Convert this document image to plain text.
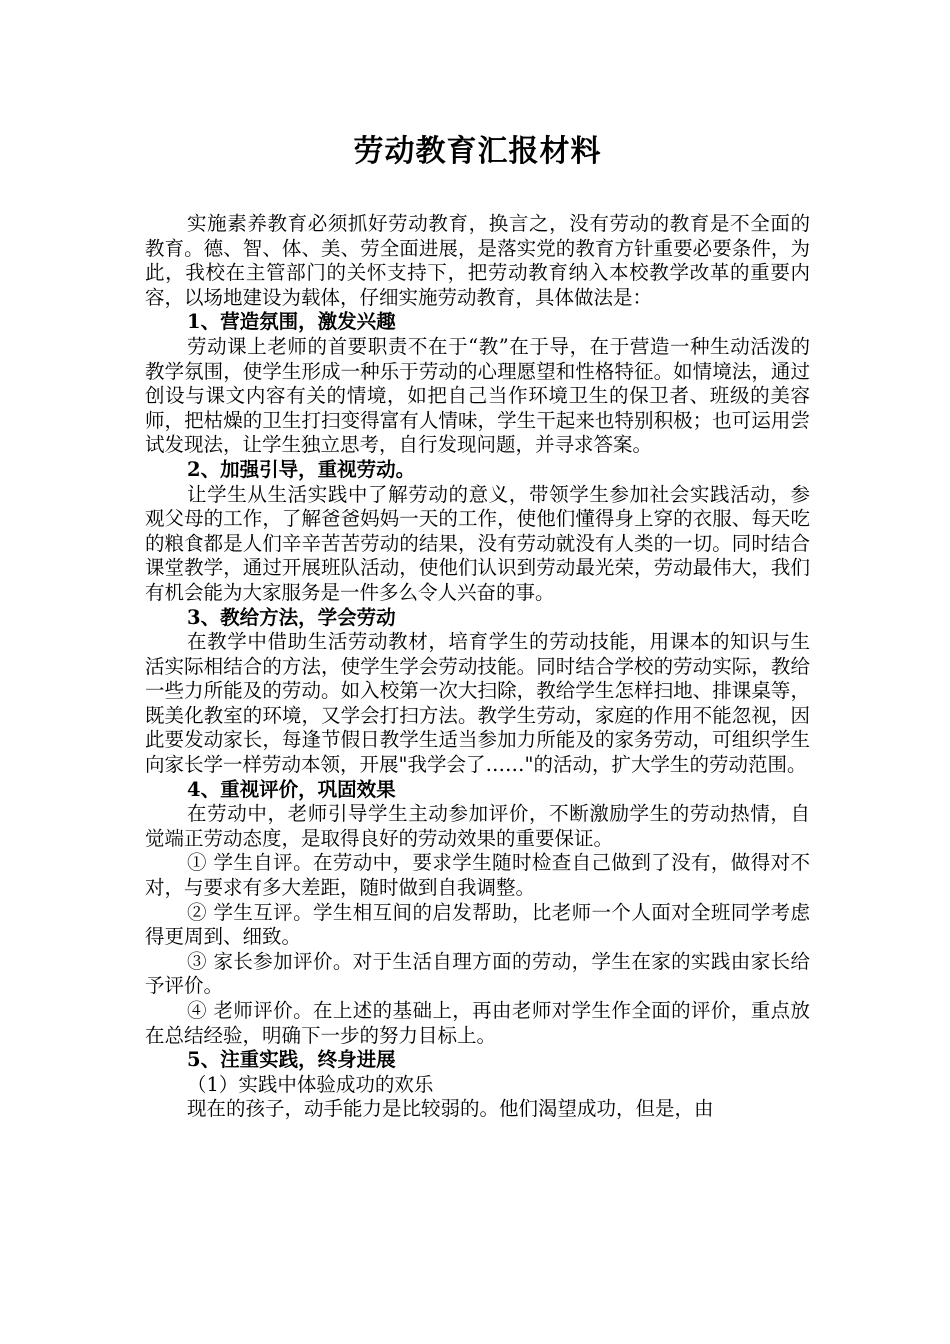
劳动教育汇报材料

实施素养教育必须抓好劳动教育，换言之，没有劳动的教育是不全面的教育。德、智、体、美、劳全面进展，是落实党的教育方针重要必要条件，为此，我校在主管部门的关怀支持下，把劳动教育纳入本校教学改革的重要内容，以场地建设为载体，仔细实施劳动教育，具体做法是：

1、营造氛围，激发兴趣

劳动课上老师的首要职责不在于“教”在于导，在于营造一种生动活泼的教学氛围，使学生形成一种乐于劳动的心理愿望和性格特征。如情境法，通过创设与课文内容有关的情境，如把自己当作环境卫生的保卫者、班级的美容师，把枯燥的卫生打扫变得富有人情味，学生干起来也特别积极；也可运用尝试发现法，让学生独立思考，自行发现问题，并寻求答案。

2、加强引导，重视劳动。

让学生从生活实践中了解劳动的意义，带领学生参加社会实践活动，参观父母的工作，了解爸爸妈妈一天的工作，使他们懂得身上穿的衣服、每天吃的粮食都是人们辛辛苦苦劳动的结果，没有劳动就没有人类的一切。同时结合课堂教学，通过开展班队活动，使他们认识到劳动最光荣，劳动最伟大，我们有机会能为大家服务是一件多么令人兴奋的事。

3、教给方法，学会劳动

在教学中借助生活劳动教材，培育学生的劳动技能，用课本的知识与生活实际相结合的方法，使学生学会劳动技能。同时结合学校的劳动实际，教给一些力所能及的劳动。如入校第一次大扫除，教给学生怎样扫地、排课桌等，既美化教室的环境，又学会打扫方法。教学生劳动，家庭的作用不能忽视，因此要发动家长，每逢节假日教学生适当参加力所能及的家务劳动，可组织学生向家长学一样劳动本领，开展"我学会了……"的活动，扩大学生的劳动范围。

4、重视评价，巩固效果

在劳动中，老师引导学生主动参加评价，不断激励学生的劳动热情，自觉端正劳动态度，是取得良好的劳动效果的重要保证。

① 学生自评。在劳动中，要求学生随时检查自己做到了没有，做得对不对，与要求有多大差距，随时做到自我调整。

② 学生互评。学生相互间的启发帮助，比老师一个人面对全班同学考虑得更周到、细致。

③ 家长参加评价。对于生活自理方面的劳动，学生在家的实践由家长给予评价。

④ 老师评价。在上述的基础上，再由老师对学生作全面的评价，重点放在总结经验，明确下一步的努力目标上。

5、注重实践，终身进展

（1）实践中体验成功的欢乐

现在的孩子，动手能力是比较弱的。他们渴望成功，但是，由
